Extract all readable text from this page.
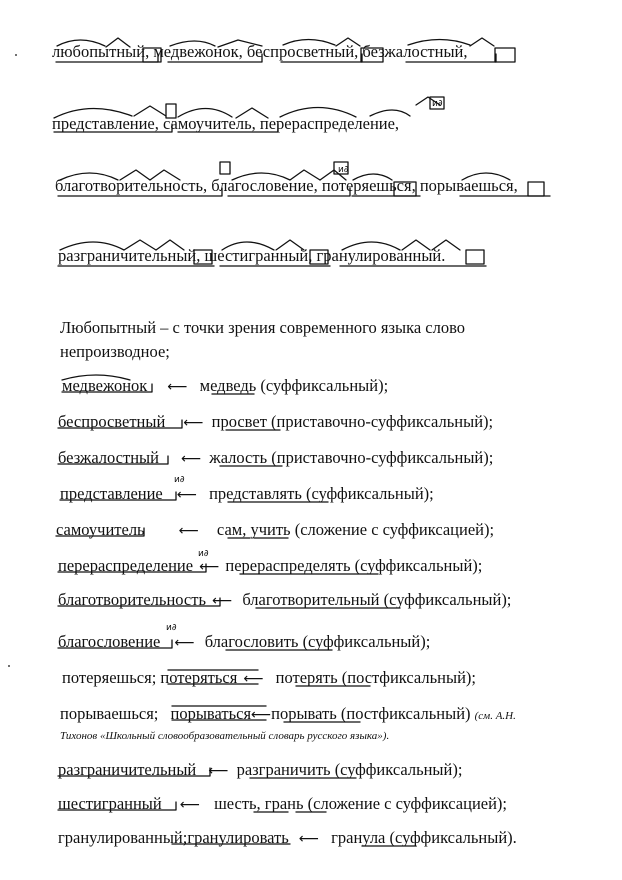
любопытный, медвежонок, беспросветный, безжалостный,
представление, самоучитель, перераспределение,
благотворительность, благословение, потеряешься, порываешься,
разграничительный, шестигранный, гранулированный.
Любопытный – с точки зрения современного языка слово
непроизводное;
медвежонок ⟵ медведь (суффиксальный);
беспросветный ⟵ просвет (приставочно-суффиксальный);
безжалостный ⟵ жалость (приставочно-суффиксальный);
представление ⟵ представлять (суффиксальный);
самоучитель ⟵ сам, учить (сложение с суффиксацией);
перераспределение ⟵ перераспределять (суффиксальный);
благотворительность ⟵ благотворительный (суффиксальный);
благословение ⟵ благословить (суффиксальный);
потеряешься; потеряться ⟵ потерять (постфиксальный);
порываешься; порываться⟵порывать (постфиксальный) (см. А.Н.
Тихонов «Школьный словообразовательный словарь русского языка»).
разграничительный ⟵ разграничить (суффиксальный);
шестигранный ⟵ шесть, грань (сложение с суффиксацией);
гранулированный;гранулировать ⟵ гранула (суффиксальный).
и∂
и∂
и∂
и∂
и∂
